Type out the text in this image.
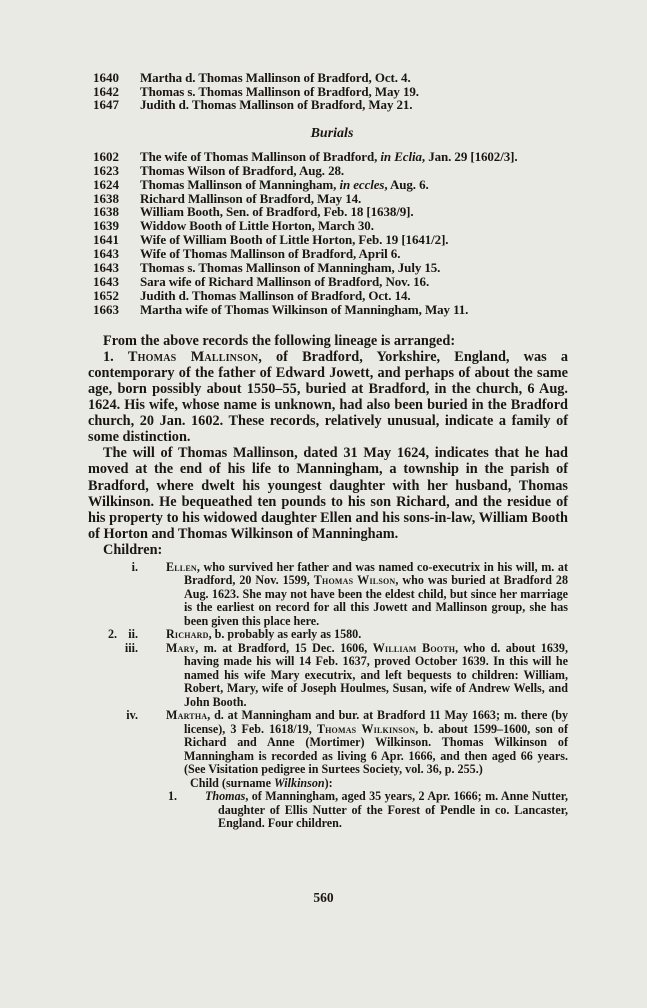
1640	Martha d. Thomas Mallinson of Bradford, Oct. 4.
1642	Thomas s. Thomas Mallinson of Bradford, May 19.
1647	Judith d. Thomas Mallinson of Bradford, May 21.
Burials
1602	The wife of Thomas Mallinson of Bradford, in Eclia, Jan. 29 [1602/3].
1623	Thomas Wilson of Bradford, Aug. 28.
1624	Thomas Mallinson of Manningham, in eccles, Aug. 6.
1638	Richard Mallinson of Bradford, May 14.
1638	William Booth, Sen. of Bradford, Feb. 18 [1638/9].
1639	Widdow Booth of Little Horton, March 30.
1641	Wife of William Booth of Little Horton, Feb. 19 [1641/2].
1643	Wife of Thomas Mallinson of Bradford, April 6.
1643	Thomas s. Thomas Mallinson of Manningham, July 15.
1643	Sara wife of Richard Mallinson of Bradford, Nov. 16.
1652	Judith d. Thomas Mallinson of Bradford, Oct. 14.
1663	Martha wife of Thomas Wilkinson of Manningham, May 11.

From the above records the following lineage is arranged:

1. Thomas Mallinson, of Bradford, Yorkshire, England, was a contemporary of the father of Edward Jowett, and perhaps of about the same age, born possibly about 1550–55, buried at Bradford, in the church, 6 Aug. 1624. His wife, whose name is unknown, had also been buried in the Bradford church, 20 Jan. 1602. These records, relatively unusual, indicate a family of some distinction.

The will of Thomas Mallinson, dated 31 May 1624, indicates that he had moved at the end of his life to Manningham, a township in the parish of Bradford, where dwelt his youngest daughter with her husband, Thomas Wilkinson. He bequeathed ten pounds to his son Richard, and the residue of his property to his widowed daughter Ellen and his sons-in-law, William Booth of Horton and Thomas Wilkinson of Manningham.

Children:

i. Ellen, who survived her father and was named co-executrix in his will, m. at Bradford, 20 Nov. 1599, Thomas Wilson, who was buried at Bradford 28 Aug. 1623. She may not have been the eldest child, but since her marriage is the earliest on record for all this Jowett and Mallinson group, she has been given this place here.
2. ii. Richard, b. probably as early as 1580.
iii. Mary, m. at Bradford, 15 Dec. 1606, William Booth, who d. about 1639, having made his will 14 Feb. 1637, proved October 1639. In this will he named his wife Mary executrix, and left bequests to children: William, Robert, Mary, wife of Joseph Houlmes, Susan, wife of Andrew Wells, and John Booth.
iv. Martha, d. at Manningham and bur. at Bradford 11 May 1663; m. there (by license), 3 Feb. 1618/19, Thomas Wilkinson, b. about 1599–1600, son of Richard and Anne (Mortimer) Wilkinson. Thomas Wilkinson of Manningham is recorded as living 6 Apr. 1666, and then aged 66 years. (See Visitation pedigree in Surtees Society, vol. 36, p. 255.)
Child (surname Wilkinson):
1.	Thomas, of Manningham, aged 35 years, 2 Apr. 1666; m. Anne Nutter, daughter of Ellis Nutter of the Forest of Pendle in co. Lancaster, England. Four children.
560
